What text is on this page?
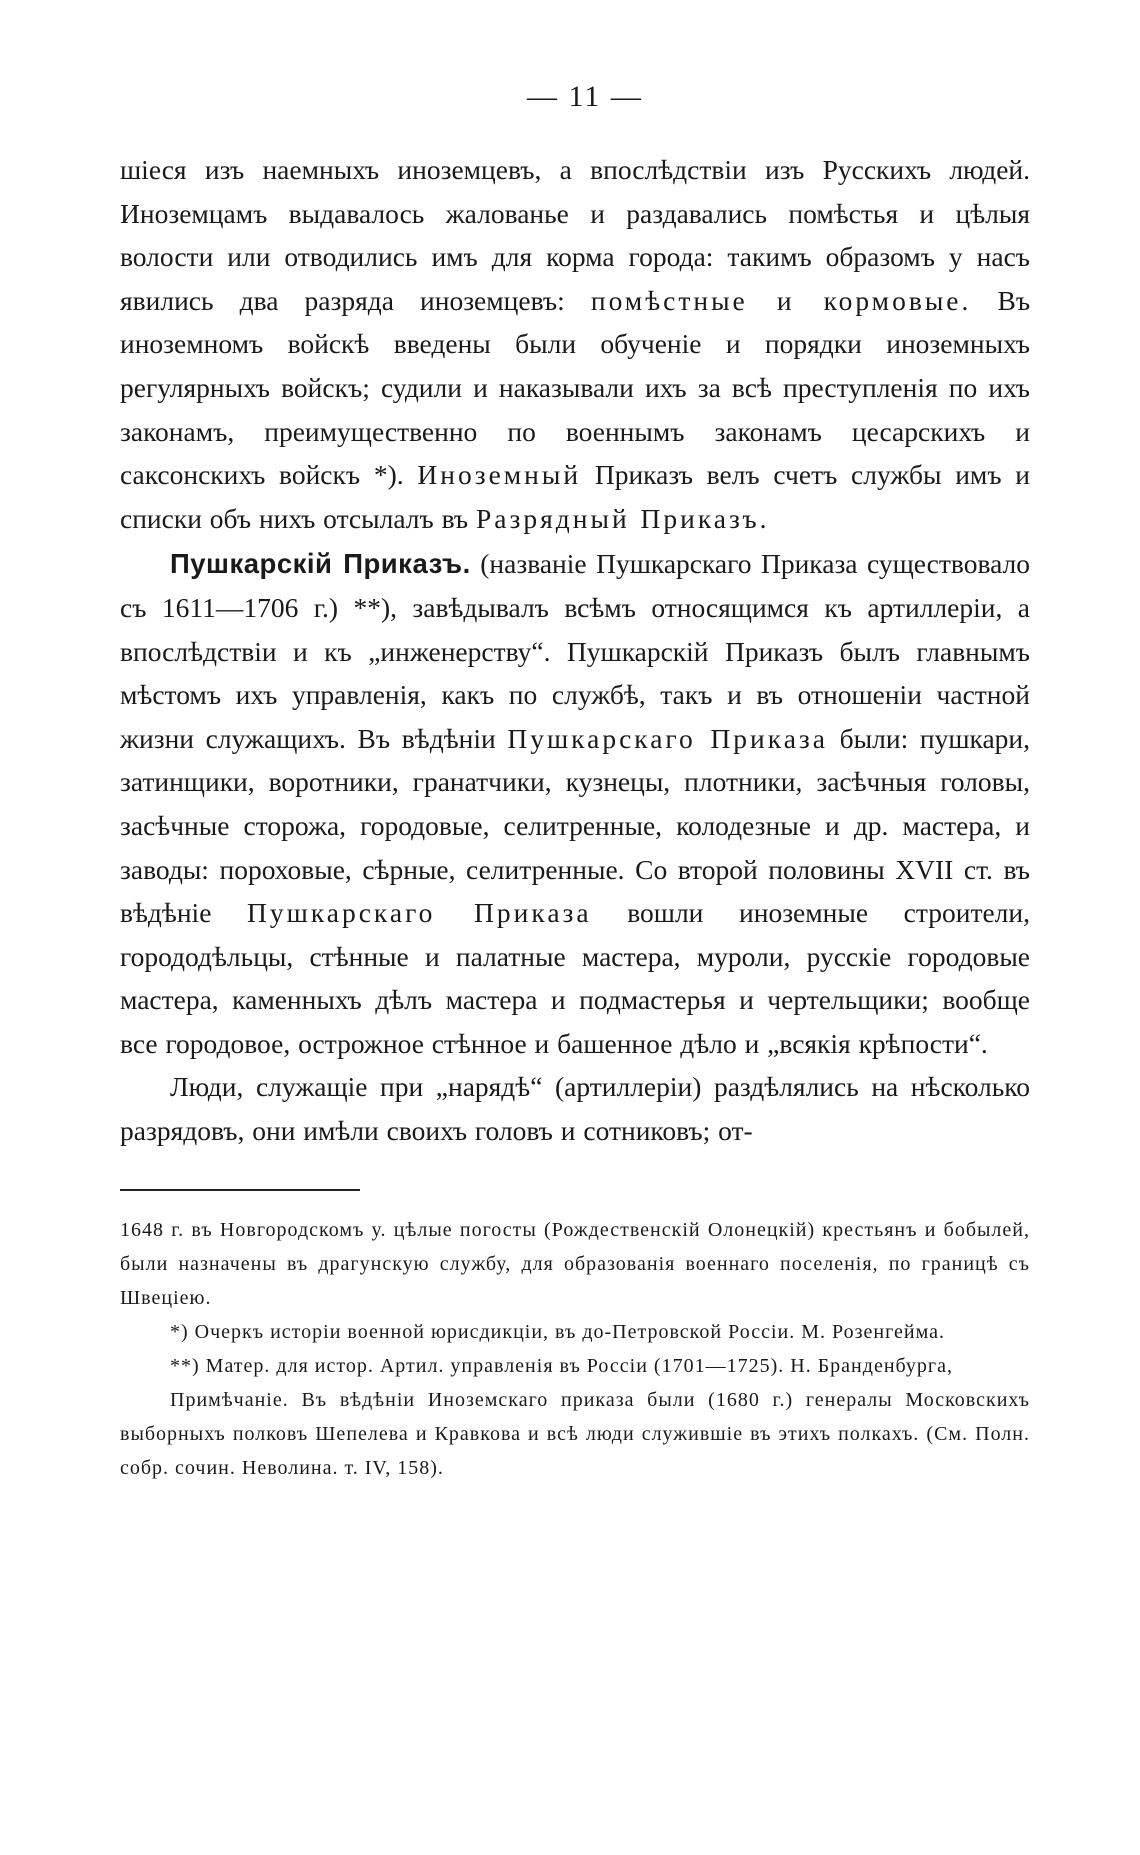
— 11 —

шіеся изъ наемныхъ иноземцевъ, а впослѣдствіи изъ Русскихъ людей. Иноземцамъ выдавалось жалованье и раздавались помѣстья и цѣлыя волости или отводились имъ для корма города: такимъ образомъ у насъ явились два разряда иноземцевъ: помѣстные и кормовые. Въ иноземномъ войскѣ введены были обученіе и порядки иноземныхъ регулярныхъ войскъ; судили и наказывали ихъ за всѣ преступленія по ихъ законамъ, преимущественно по военнымъ законамъ цесарскихъ и саксонскихъ войскъ *). Иноземный Приказъ велъ счетъ службы имъ и списки объ нихъ отсылалъ въ Разрядный Приказъ.

Пушкарскій Приказъ. (названіе Пушкарскаго Приказа существовало съ 1611—1706 г.) **), завѣдывалъ всѣмъ относящимся къ артиллеріи, а впослѣдствіи и къ „инженерству“. Пушкарскій Приказъ былъ главнымъ мѣстомъ ихъ управленія, какъ по службѣ, такъ и въ отношеніи частной жизни служащихъ. Въ вѣдѣніи Пушкарскаго Приказа были: пушкари, затинщики, воротники, гранатчики, кузнецы, плотники, засѣчныя головы, засѣчные сторожа, городовые, селитренные, колодезные и др. мастера, и заводы: пороховые, сѣрные, селитренные. Со второй половины XVII ст. въ вѣдѣніе Пушкарскаго Приказа вошли иноземные строители, горододѣльцы, стѣнные и палатные мастера, муроли, русскіе городовые мастера, каменныхъ дѣлъ мастера и подмастерья и чертельщики; вообще все городовое, острожное стѣнное и башенное дѣло и „всякія крѣпости“.

Люди, служащіе при „нарядѣ“ (артиллеріи) раздѣлялись на нѣсколько разрядовъ, они имѣли своихъ головъ и сотниковъ; от-

1648 г. въ Новгородскомъ у. цѣлые погосты (Рождественскій Олонецкій) крестьянъ и бобылей, были назначены въ драгунскую службу, для образованія военнаго поселенія, по границѣ съ Швеціею.

*) Очеркъ исторіи военной юрисдикціи, въ до-Петровской Россіи. М. Розенгейма.

**) Матер. для истор. Артил. управленія въ Россіи (1701—1725). Н. Бранденбурга,

Примѣчаніе. Въ вѣдѣніи Иноземскаго приказа были (1680 г.) генералы Московскихъ выборныхъ полковъ Шепелева и Кравкова и всѣ люди служившіе въ этихъ полкахъ. (См. Полн. собр. сочин. Неволина. т. IV, 158).
